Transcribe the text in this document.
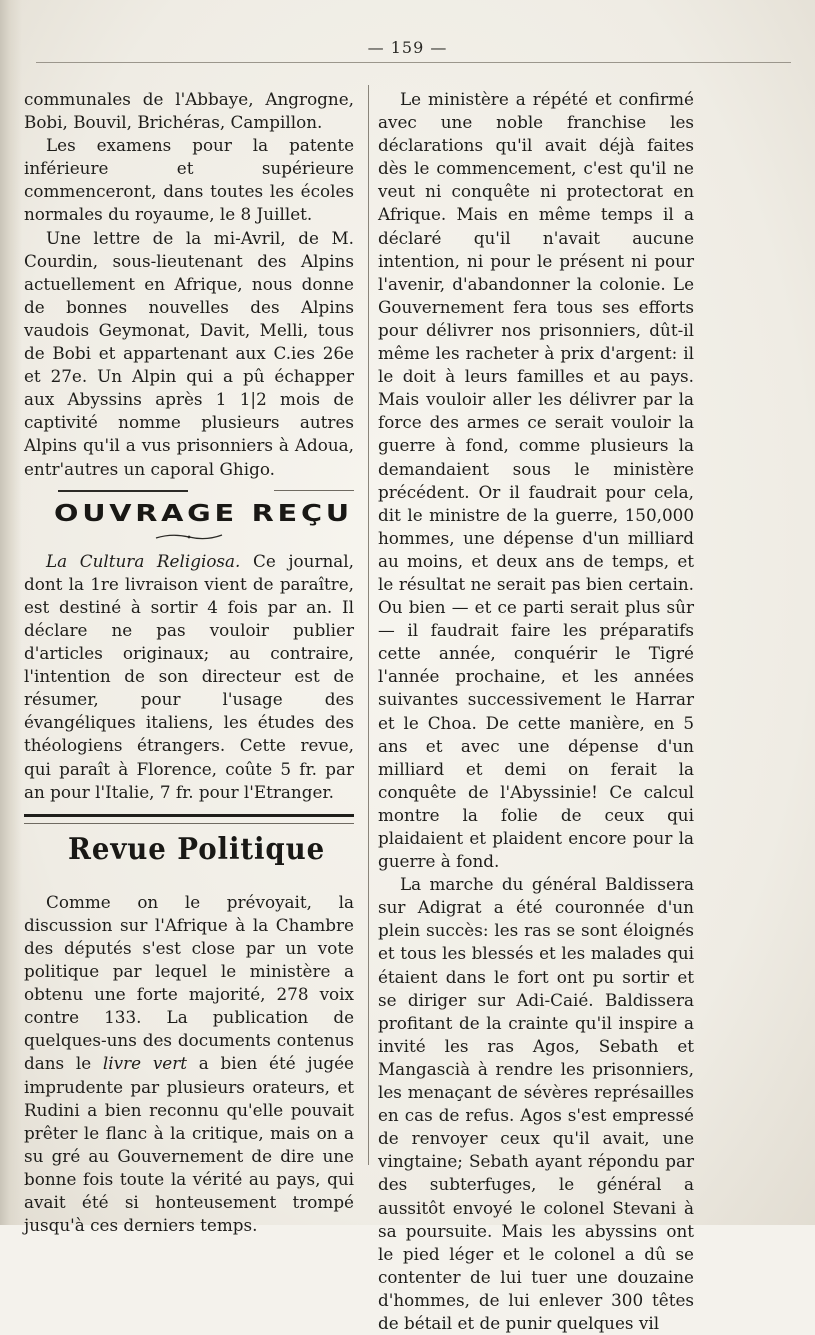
— 159 —

communales de l'Abbaye, Angrogne, Bobi, Bouvil, Brichéras, Campillon.

Les examens pour la patente inférieure et supérieure commenceront, dans toutes les écoles normales du royaume, le 8 Juillet.

Une lettre de la mi-Avril, de M. Courdin, sous-lieutenant des Alpins actuellement en Afrique, nous donne de bonnes nouvelles des Alpins vaudois Geymonat, Davit, Melli, tous de Bobi et appartenant aux C.ies 26e et 27e. Un Alpin qui a pû échapper aux Abyssins après 1 1|2 mois de captivité nomme plusieurs autres Alpins qu'il a vus prisonniers à Adoua, entr'autres un caporal Ghigo.

OUVRAGE REÇU

La Cultura Religiosa. Ce journal, dont la 1re livraison vient de paraître, est destiné à sortir 4 fois par an. Il déclare ne pas vouloir publier d'articles originaux; au contraire, l'intention de son directeur est de résumer, pour l'usage des évangéliques italiens, les études des théologiens étrangers. Cette revue, qui paraît à Florence, coûte 5 fr. par an pour l'Italie, 7 fr. pour l'Etranger.

Revue Politique

Comme on le prévoyait, la discussion sur l'Afrique à la Chambre des députés s'est close par un vote politique par lequel le ministère a obtenu une forte majorité, 278 voix contre 133. La publication de quelques-uns des documents contenus dans le livre vert a bien été jugée imprudente par plusieurs orateurs, et Rudini a bien reconnu qu'elle pouvait prêter le flanc à la critique, mais on a su gré au Gouvernement de dire une bonne fois toute la vérité au pays, qui avait été si honteusement trompé jusqu'à ces derniers temps.

Le ministère a répété et confirmé avec une noble franchise les déclarations qu'il avait déjà faites dès le commencement, c'est qu'il ne veut ni conquête ni protectorat en Afrique. Mais en même temps il a déclaré qu'il n'avait aucune intention, ni pour le présent ni pour l'avenir, d'abandonner la colonie. Le Gouvernement fera tous ses efforts pour délivrer nos prisonniers, dût-il même les racheter à prix d'argent: il le doit à leurs familles et au pays. Mais vouloir aller les délivrer par la force des armes ce serait vouloir la guerre à fond, comme plusieurs la demandaient sous le ministère précédent. Or il faudrait pour cela, dit le ministre de la guerre, 150,000 hommes, une dépense d'un milliard au moins, et deux ans de temps, et le résultat ne serait pas bien certain. Ou bien — et ce parti serait plus sûr — il faudrait faire les préparatifs cette année, conquérir le Tigré l'année prochaine, et les années suivantes successivement le Harrar et le Choa. De cette manière, en 5 ans et avec une dépense d'un milliard et demi on ferait la conquête de l'Abyssinie! Ce calcul montre la folie de ceux qui plaidaient et plaident encore pour la guerre à fond.

La marche du général Baldissera sur Adigrat a été couronnée d'un plein succès: les ras se sont éloignés et tous les blessés et les malades qui étaient dans le fort ont pu sortir et se diriger sur Adi-Caié. Baldissera profitant de la crainte qu'il inspire a invité les ras Agos, Sebath et Mangascià à rendre les prisonniers, les menaçant de sévères représailles en cas de refus. Agos s'est empressé de renvoyer ceux qu'il avait, une vingtaine; Sebath ayant répondu par des subterfuges, le général a aussitôt envoyé le colonel Stevani à sa poursuite. Mais les abyssins ont le pied léger et le colonel a dû se contenter de lui tuer une douzaine d'hommes, de lui enlever 300 têtes de bétail et de punir quelques vil
